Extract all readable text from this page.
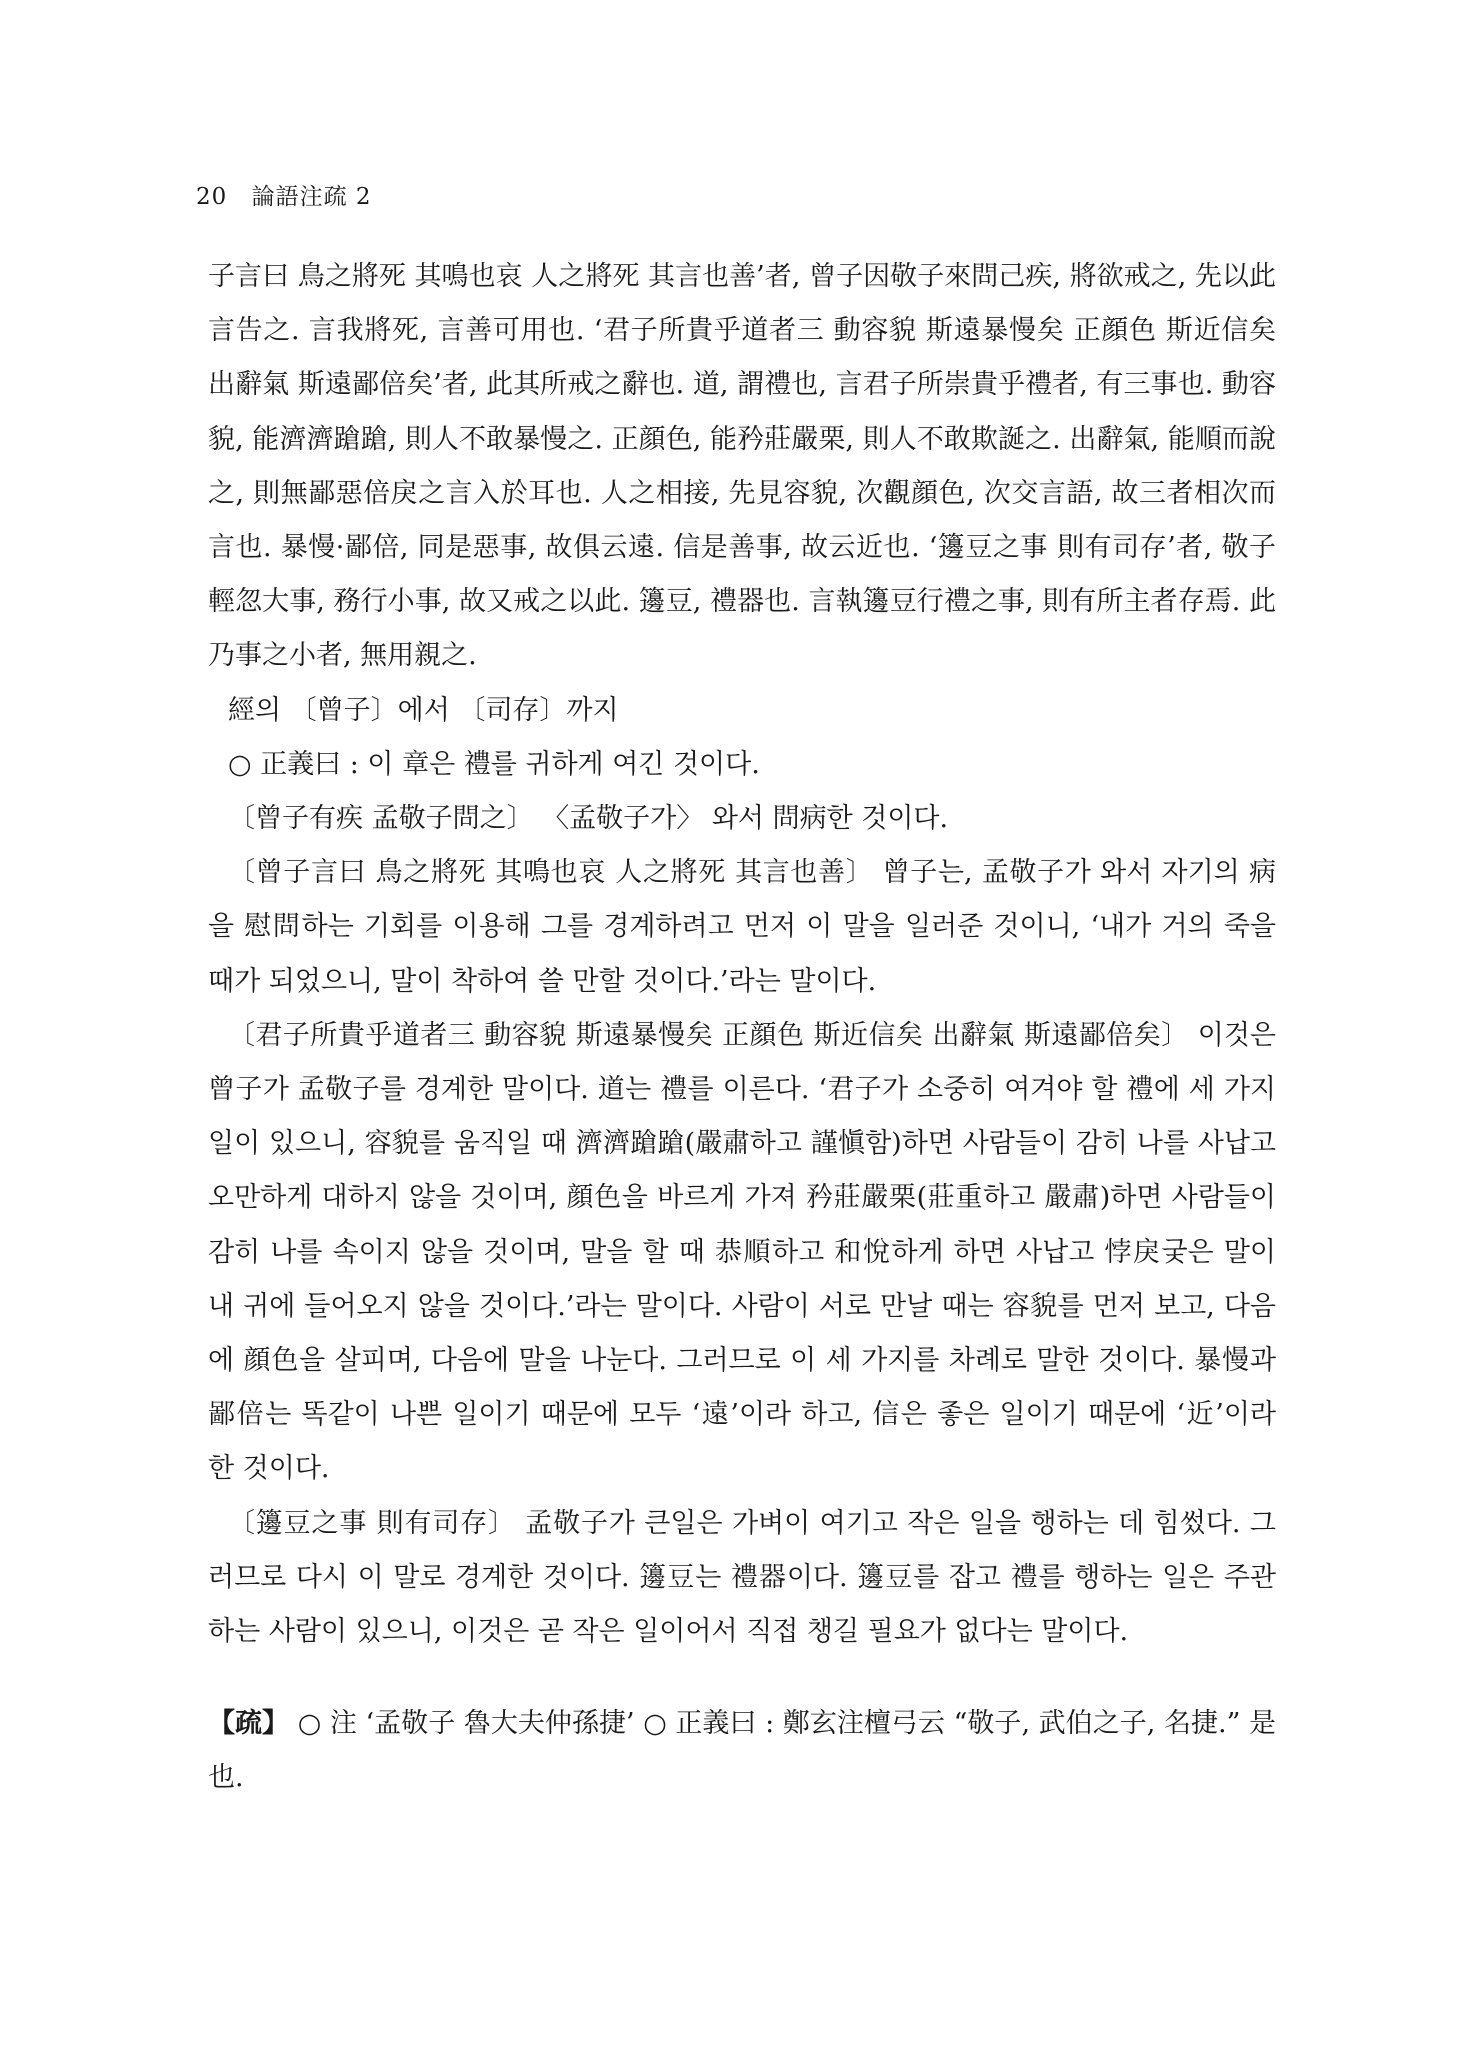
20 論語注疏 2

子言曰 鳥之將死 其鳴也哀 人之將死 其言也善’者, 曾子因敬子來問己疾, 將欲戒之, 先以此言告之. 言我將死, 言善可用也. ‘君子所貴乎道者三 動容貌 斯遠暴慢矣 正顔色 斯近信矣 出辭氣 斯遠鄙倍矣’者, 此其所戒之辭也. 道, 謂禮也, 言君子所崇貴乎禮者, 有三事也. 動容貌, 能濟濟蹌蹌, 則人不敢暴慢之. 正顔色, 能矜莊嚴栗, 則人不敢欺誕之. 出辭氣, 能順而說之, 則無鄙惡倍戾之言入於耳也. 人之相接, 先見容貌, 次觀顔色, 次交言語, 故三者相次而言也. 暴慢·鄙倍, 同是惡事, 故俱云遠. 信是善事, 故云近也. ‘籩豆之事 則有司存’者, 敬子輕忽大事, 務行小事, 故又戒之以此. 籩豆, 禮器也. 言執籩豆行禮之事, 則有所主者存焉. 此乃事之小者, 無用親之.

經의 〔曾子〕에서 〔司存〕까지

○ 正義曰 : 이 章은 禮를 귀하게 여긴 것이다.

〔曾子有疾 孟敬子問之〕 〈孟敬子가〉 와서 問病한 것이다.

〔曾子言曰 鳥之將死 其鳴也哀 人之將死 其言也善〕 曾子는, 孟敬子가 와서 자기의 病을 慰問하는 기회를 이용해 그를 경계하려고 먼저 이 말을 일러준 것이니, ‘내가 거의 죽을 때가 되었으니, 말이 착하여 쓸 만할 것이다.’라는 말이다.

〔君子所貴乎道者三 動容貌 斯遠暴慢矣 正顔色 斯近信矣 出辭氣 斯遠鄙倍矣〕 이것은 曾子가 孟敬子를 경계한 말이다. 道는 禮를 이른다. ‘君子가 소중히 여겨야 할 禮에 세 가지 일이 있으니, 容貌를 움직일 때 濟濟蹌蹌(嚴肅하고 謹愼함)하면 사람들이 감히 나를 사납고 오만하게 대하지 않을 것이며, 顔色을 바르게 가져 矜莊嚴栗(莊重하고 嚴肅)하면 사람들이 감히 나를 속이지 않을 것이며, 말을 할 때 恭順하고 和悅하게 하면 사납고 悖戾궂은 말이 내 귀에 들어오지 않을 것이다.’라는 말이다. 사람이 서로 만날 때는 容貌를 먼저 보고, 다음에 顔色을 살피며, 다음에 말을 나눈다. 그러므로 이 세 가지를 차례로 말한 것이다. 暴慢과 鄙倍는 똑같이 나쁜 일이기 때문에 모두 ‘遠’이라 하고, 信은 좋은 일이기 때문에 ‘近’이라 한 것이다.

〔籩豆之事 則有司存〕 孟敬子가 큰일은 가벼이 여기고 작은 일을 행하는 데 힘썼다. 그러므로 다시 이 말로 경계한 것이다. 籩豆는 禮器이다. 籩豆를 잡고 禮를 행하는 일은 주관하는 사람이 있으니, 이것은 곧 작은 일이어서 직접 챙길 필요가 없다는 말이다.

【疏】 ○ 注 ‘孟敬子 魯大夫仲孫捷’ ○ 正義曰 : 鄭玄注檀弓云 “敬子, 武伯之子, 名捷.” 是也.
